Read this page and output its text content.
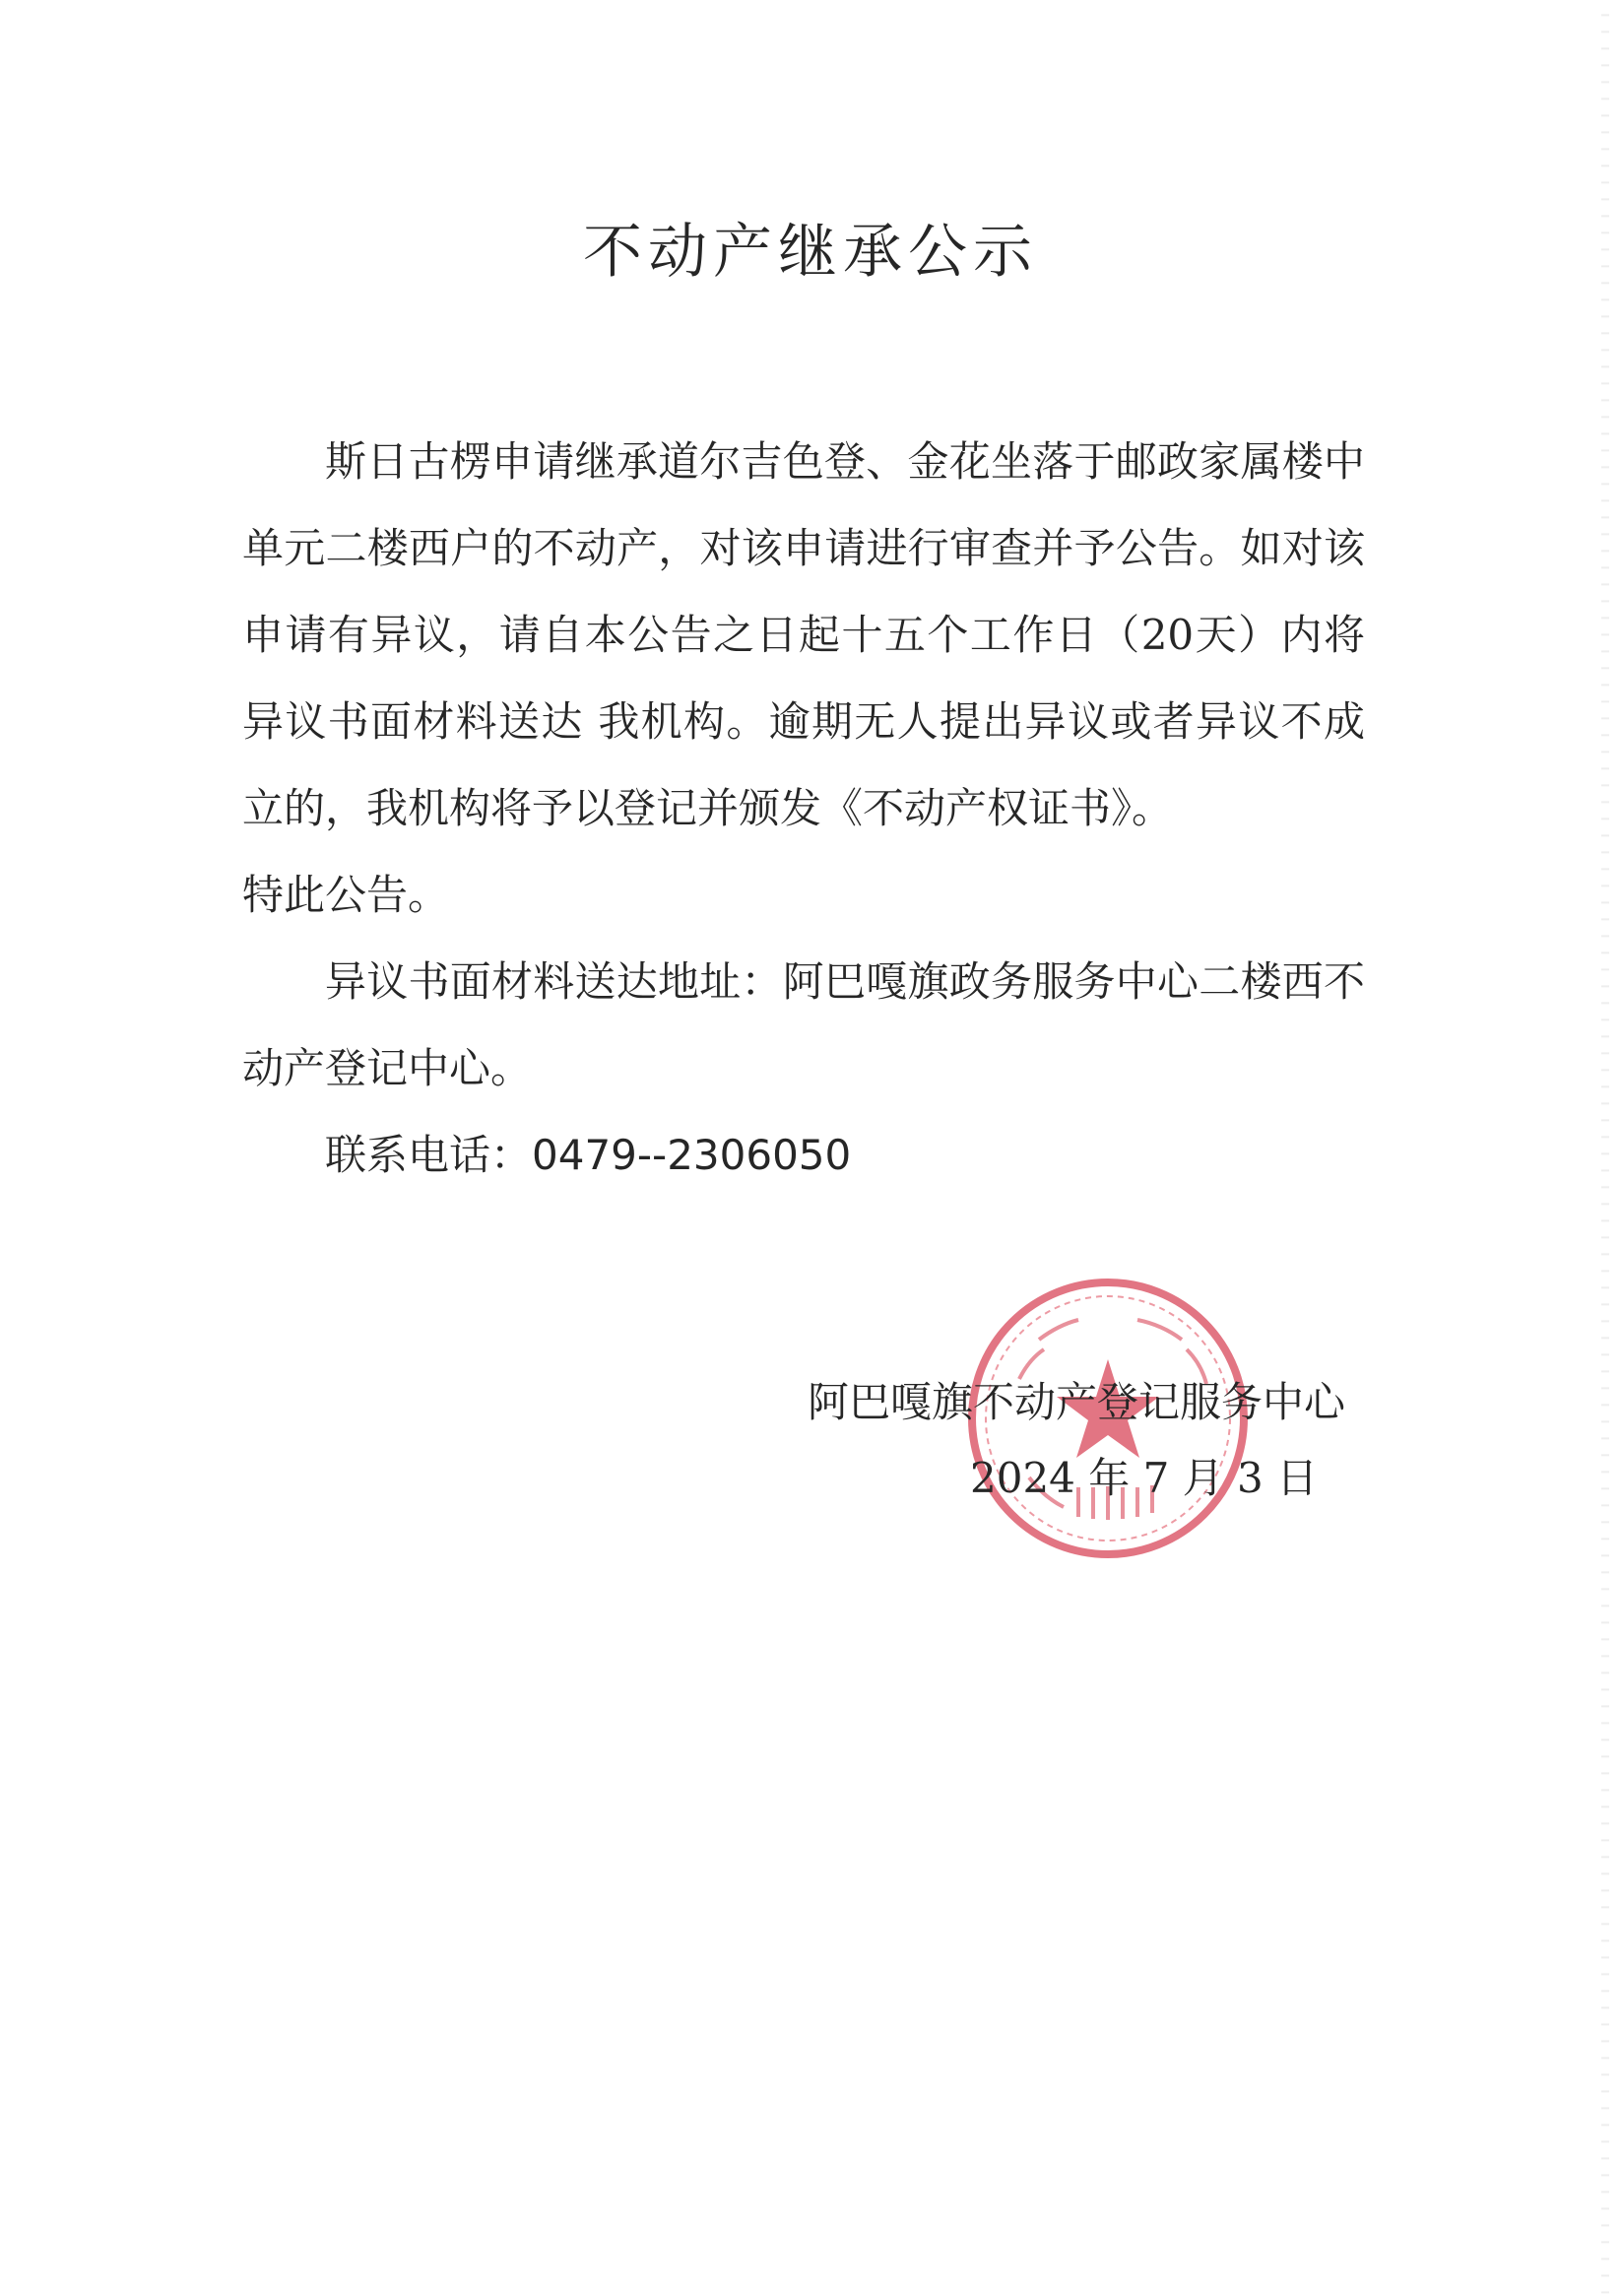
不动产继承公示

斯日古楞申请继承道尔吉色登、金花坐落于邮政家属楼中单元二楼西户的不动产，对该申请进行审查并予公告。如对该申请有异议，请自本公告之日起十五个工作日（20天）内将异议书面材料送达 我机构。逾期无人提出异议或者异议不成立的，我机构将予以登记并颁发《不动产权证书》。

特此公告。

异议书面材料送达地址：阿巴嘎旗政务服务中心二楼西不动产登记中心。

联系电话：0479--2306050

阿巴嘎旗不动产登记服务中心
2024 年 7 月 3 日
